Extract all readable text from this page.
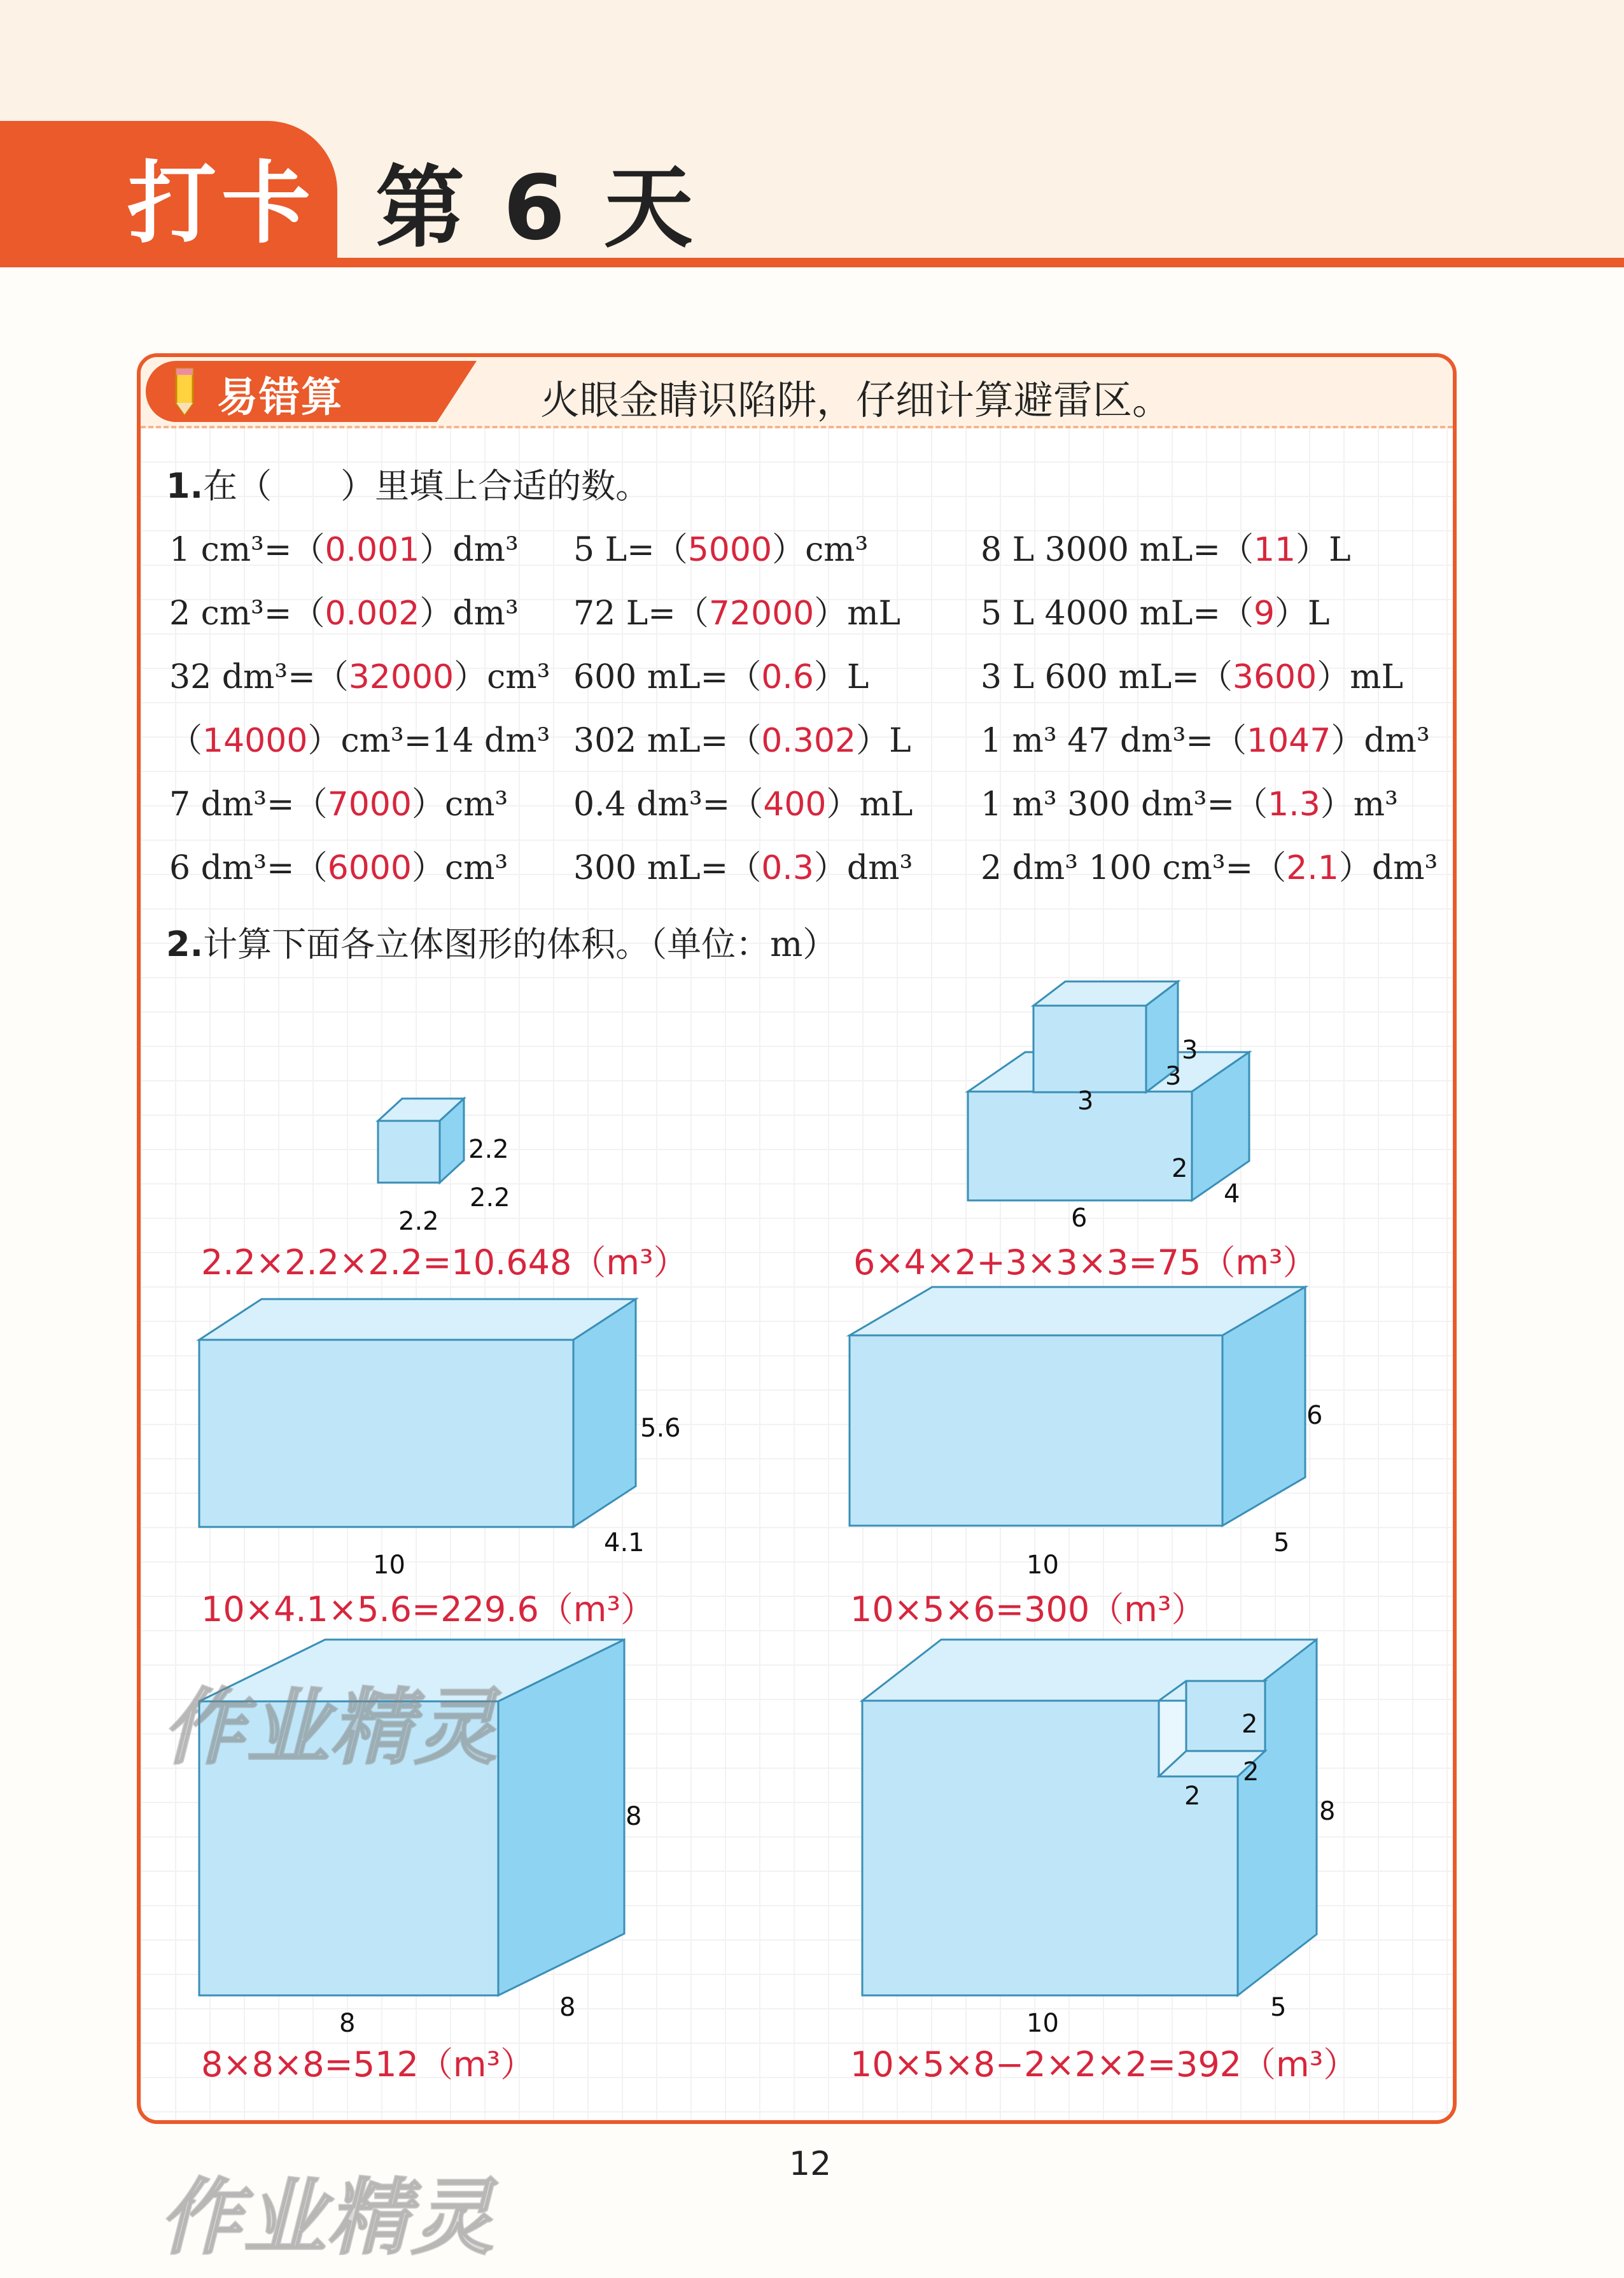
打卡 第 6 天
易错算	火眼金睛识陷阱，仔细计算避雷区。
1.在（　　）里填上合适的数。
1 cm³=（0.001）dm³ 5 L=（5000）cm³	8 L 3000 mL=（11）L
2 cm³=（0.002）dm³ 72 L=（72000）mL 5 L 4000 mL=（9）L
32 dm³=（32000）cm³ 600 mL=（0.6）L	3 L 600 mL=（3600）mL
（14000）cm³=14 dm³ 302 mL=（0.302）L 1 m³ 47 dm³=（1047）dm³
7 dm³=（7000）cm³ 0.4 dm³=（400）mL 1 m³ 300 dm³=（1.3）m³
6 dm³=（6000）cm³ 300 mL=（0.3）dm³ 2 dm³ 100 cm³=（2.1）dm³
2.计算下面各立体图形的体积。（单位：m）
2.2
2.2
2.2
2.2×2.2×2.2=10.648（m³）
3
3
3
2
4
6
6×4×2+3×3×3=75（m³）
5.6
4.1
10
10×4.1×5.6=229.6（m³）
6
5
10
10×5×6=300（m³）
8
8
8
8×8×8=512（m³）
2
2
2
8
5
10
10×5×8−2×2×2=392（m³）
作业精灵
作业精灵
12
